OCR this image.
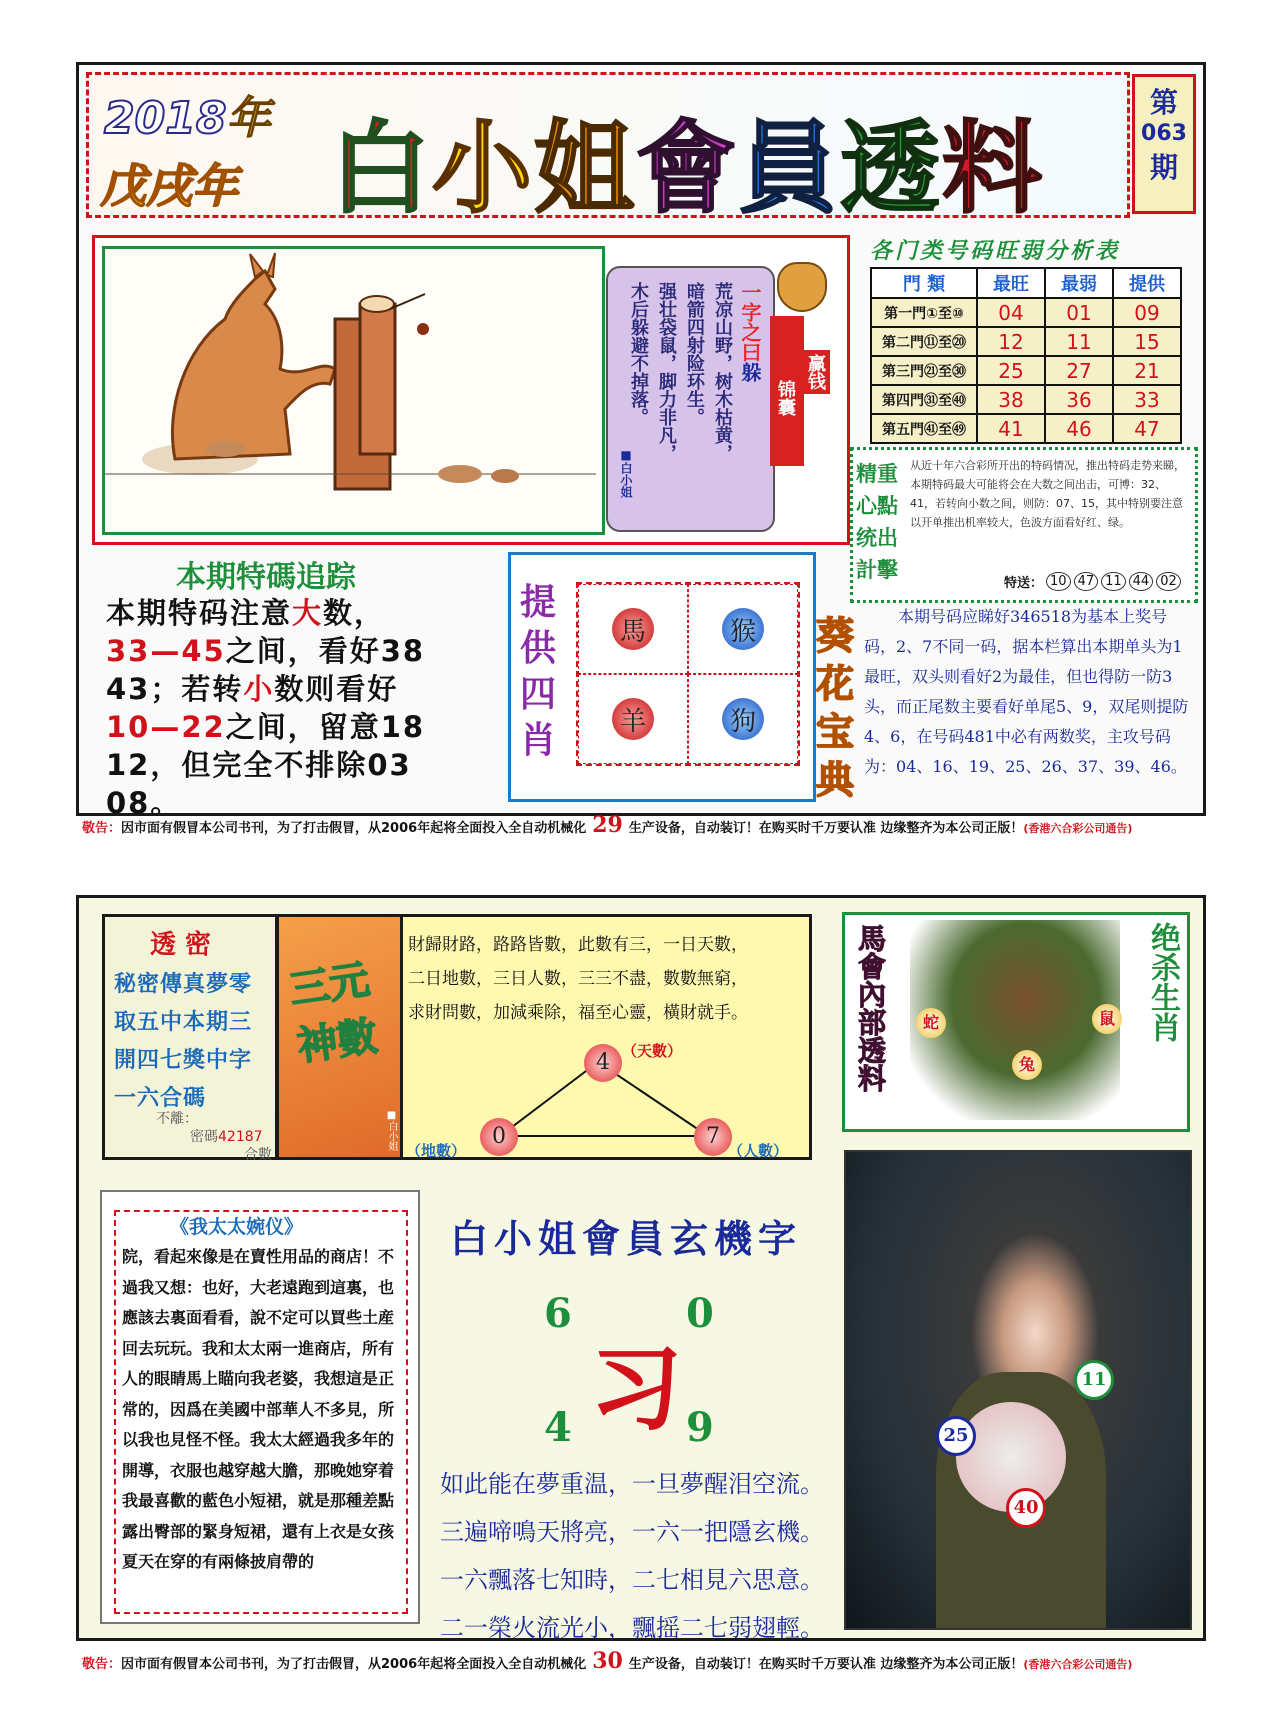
2018年
戊戌年 白 小 姐 會 員 透 料
第
063
期
一字之曰躲
荒凉山野，树木枯黄，
暗箭四射险环生。
强壮袋鼠，脚力非凡，
木后躲避不掉落。
■白小姐
锦囊
赢钱
各门类号码旺弱分析表
門 類	最旺	最弱	提供
第一門①至⑩	04	01	09
第二門⑪至⑳	12	11	15
第三門㉑至㉚	25	27	21
第四門㉛至㊵	38	36	33
第五門㊶至㊾	41	46	47
精重
心點
统出
計擊
从近十年六合彩所开出的特码情况，推出特码走势来睇，本期特码最大可能将会在大数之间出击，可博：32、41，若转向小数之间，则防：07、15，其中特别要注意以开单推出机率较大，色波方面看好红、绿。
特送： 10 47 11 44 02
本期特碼追踪
本期特码注意大数，
33—45之间，看好38
43；若转小数则看好
10—22之间，留意18
12，但完全不排除03
08。
提供四肖
馬	猴
羊	狗
葵花宝典
本期号码应睇好346518为基本上奖号码，2、7不同一码，据本栏算出本期单头为1最旺，双头则看好2为最佳，但也得防一防3头，而正尾数主要看好单尾5、9，双尾则提防4、6，在号码481中必有两数奖，主攻号码为：04、16、19、25、26、37、39、46。
敬告：因市面有假冒本公司书刊，为了打击假冒，从2006年起将全面投入全自动机械化 29 生产设备，自动装订！在购买时千万要认准 边缘整齐为本公司正版！(香港六合彩公司通告)
透 密
秘密傳真夢零取五中本期三開四七獎中字一六合碼
不離：
密碼42187
合數
三元
神數
■白小姐
財歸財路，路路皆數，此數有三，一日天數，
二日地數，三日人數，三三不盡，數數無窮，
求財問數，加減乘除，福至心靈，橫財就手。
4 （天數）
0
（地數）
7
（人數）
馬會內部透料	绝杀生肖
蛇
兔
鼠
《我太太婉仪》
院，看起來像是在賣性用品的商店！不過我又想：也好，大老遠跑到這裏，也應該去裏面看看，說不定可以買些土産回去玩玩。我和太太兩一進商店，所有人的眼睛馬上瞄向我老婆，我想這是正常的，因爲在美國中部華人不多見，所以我也見怪不怪。我太太經過我多年的開導，衣服也越穿越大膽，那晚她穿着我最喜歡的藍色小短裙，就是那種差點露出臀部的緊身短裙，還有上衣是女孩夏天在穿的有兩條披肩帶的
白小姐會員玄機字
6	0
4	9
习
如此能在夢重温，一旦夢醒泪空流。
三遍啼鳴天將亮，一六一把隱玄機。
一六飄落七知時，二七相見六思意。
二一榮火流光小，飄摇二七弱翅輕。
11
25
40
敬告：因市面有假冒本公司书刊，为了打击假冒，从2006年起将全面投入全自动机械化 30 生产设备，自动装订！在购买时千万要认准 边缘整齐为本公司正版！(香港六合彩公司通告)
